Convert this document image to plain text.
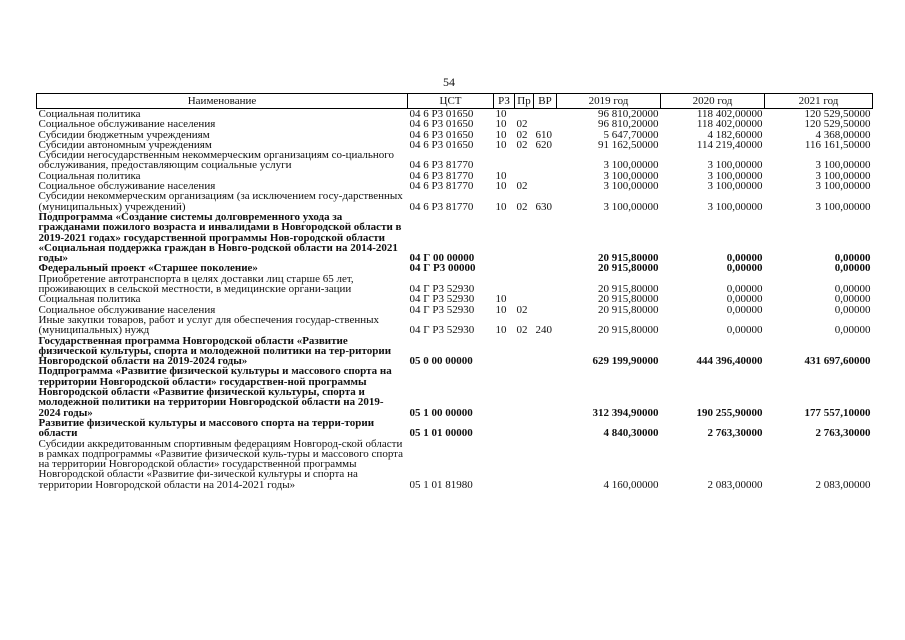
54
Наименование	ЦСТ	РЗ	Пр	ВР	2019 год	2020 год	2021 год
Социальная политика	04 6 Р3 01650	10			96 810,20000	118 402,00000	120 529,50000
Социальное обслуживание населения	04 6 Р3 01650	10	02		96 810,20000	118 402,00000	120 529,50000
Субсидии бюджетным учреждениям	04 6 Р3 01650	10	02	610	5 647,70000	4 182,60000	4 368,00000
Субсидии автономным учреждениям	04 6 Р3 01650	10	02	620	91 162,50000	114 219,40000	116 161,50000
Субсидии негосударственным некоммерческим организациям со-циального обслуживания, предоставляющим социальные услуги	04 6 Р3 81770				3 100,00000	3 100,00000	3 100,00000
Социальная политика	04 6 Р3 81770	10			3 100,00000	3 100,00000	3 100,00000
Социальное обслуживание населения	04 6 Р3 81770	10	02		3 100,00000	3 100,00000	3 100,00000
Субсидии некоммерческим организациям (за исключением госу-дарственных (муниципальных) учреждений)	04 6 Р3 81770	10	02	630	3 100,00000	3 100,00000	3 100,00000
Подпрограмма «Создание системы долговременного ухода за гражданами пожилого возраста и инвалидами в Новгородской области в 2019-2021 годах» государственной программы Нов-городской области «Социальная поддержка граждан в Новго-родской области на 2014-2021 годы»	04 Г 00 00000				20 915,80000	0,00000	0,00000
Федеральный проект «Старшее поколение»	04 Г Р3 00000				20 915,80000	0,00000	0,00000
Приобретение автотранспорта в целях доставки лиц старше 65 лет, проживающих в сельской местности, в медицинские органи-зации	04 Г Р3 52930				20 915,80000	0,00000	0,00000
Социальная политика	04 Г Р3 52930	10			20 915,80000	0,00000	0,00000
Социальное обслуживание населения	04 Г Р3 52930	10	02		20 915,80000	0,00000	0,00000
Иные закупки товаров, работ и услуг для обеспечения государ-ственных (муниципальных) нужд	04 Г Р3 52930	10	02	240	20 915,80000	0,00000	0,00000
Государственная программа Новгородской области «Развитие физической культуры, спорта и молодежной политики на тер-ритории Новгородской области на 2019-2024 годы»	05 0 00 00000				629 199,90000	444 396,40000	431 697,60000
Подпрограмма «Развитие физической культуры и массового спорта на территории Новгородской области» государствен-ной программы Новгородской области «Развитие физической культуры, спорта и молодежной политики на территории Новгородской области на 2019-2024 годы»	05 1 00 00000				312 394,90000	190 255,90000	177 557,10000
Развитие физической культуры и массового спорта на терри-тории области	05 1 01 00000				4 840,30000	2 763,30000	2 763,30000
Субсидии аккредитованным спортивным федерациям Новгород-ской области в рамках подпрограммы «Развитие физической куль-туры и массового спорта на территории Новгородской области» государственной программы Новгородской области «Развитие фи-зической культуры и спорта на территории Новгородской области на 2014-2021 годы»	05 1 01 81980				4 160,00000	2 083,00000	2 083,00000
